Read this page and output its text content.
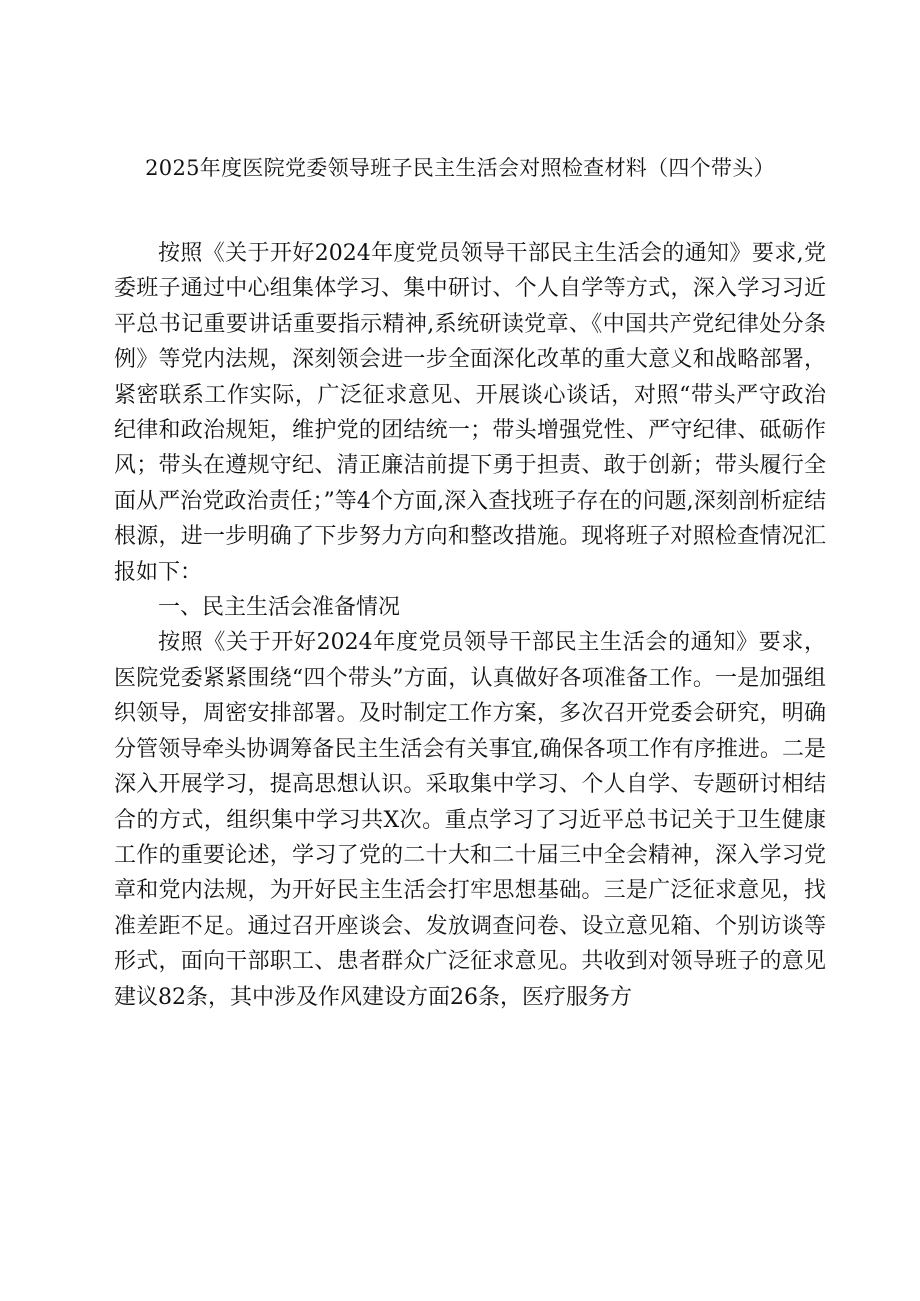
2025年度医院党委领导班子民主生活会对照检查材料（四个带头）

按照《关于开好2024年度党员领导干部民主生活会的通知》要求,党委班子通过中心组集体学习、集中研讨、个人自学等方式，深入学习习近平总书记重要讲话重要指示精神,系统研读党章、《中国共产党纪律处分条例》等党内法规，深刻领会进一步全面深化改革的重大意义和战略部署，紧密联系工作实际，广泛征求意见、开展谈心谈话，对照“带头严守政治纪律和政治规矩，维护党的团结统一；带头增强党性、严守纪律、砥砺作风；带头在遵规守纪、清正廉洁前提下勇于担责、敢于创新；带头履行全面从严治党政治责任；”等4个方面,深入查找班子存在的问题,深刻剖析症结根源，进一步明确了下步努力方向和整改措施。现将班子对照检查情况汇报如下：

一、民主生活会准备情况

按照《关于开好2024年度党员领导干部民主生活会的通知》要求，医院党委紧紧围绕“四个带头”方面，认真做好各项准备工作。一是加强组织领导，周密安排部署。及时制定工作方案，多次召开党委会研究，明确分管领导牵头协调筹备民主生活会有关事宜,确保各项工作有序推进。二是深入开展学习，提高思想认识。采取集中学习、个人自学、专题研讨相结合的方式，组织集中学习共X次。重点学习了习近平总书记关于卫生健康工作的重要论述，学习了党的二十大和二十届三中全会精神，深入学习党章和党内法规，为开好民主生活会打牢思想基础。三是广泛征求意见，找准差距不足。通过召开座谈会、发放调查问卷、设立意见箱、个别访谈等形式，面向干部职工、患者群众广泛征求意见。共收到对领导班子的意见建议82条，其中涉及作风建设方面26条，医疗服务方
